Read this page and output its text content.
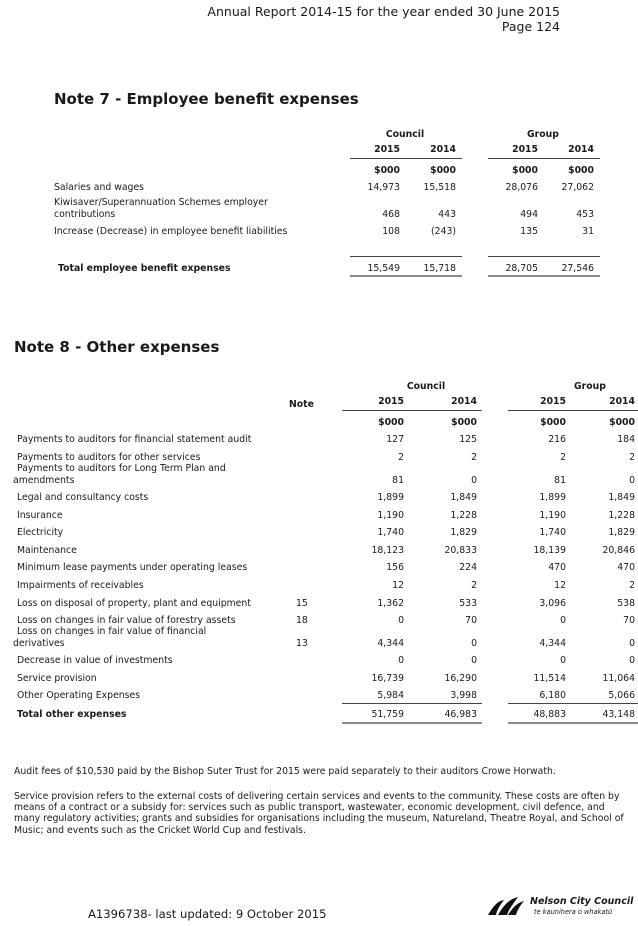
Annual Report 2014-15 for the year ended 30 June 2015
Page 124
Note 7 - Employee benefit expenses
Council	Group
2015	2014	2015	2014
$000	$000	$000	$000
Salaries and wages	14,973	15,518	28,076	27,062
Kiwisaver/Superannuation Schemes employer
contributions	468	443	494	453
Increase (Decrease) in employee benefit liabilities	108	(243)	135	31
Total employee benefit expenses	15,549	15,718	28,705	27,546
Note 8 - Other expenses
Council	Group
Note	2015	2014	2015	2014
$000	$000	$000	$000
Payments to auditors for financial statement audit	127	125	216	184
Payments to auditors for other services	2	2	2	2
Payments to auditors for Long Term Plan and
amendments	81	0	81	0
Legal and consultancy costs	1,899	1,849	1,899	1,849
Insurance	1,190	1,228	1,190	1,228
Electricity	1,740	1,829	1,740	1,829
Maintenance	18,123	20,833	18,139	20,846
Minimum lease payments under operating leases	156	224	470	470
Impairments of receivables	12	2	12	2
Loss on disposal of property, plant and equipment	15	1,362	533	3,096	538
Loss on changes in fair value of forestry assets	18	0	70	0	70
Loss on changes in fair value of financial
derivatives	13	4,344	0	4,344	0
Decrease in value of investments	0	0	0	0
Service provision	16,739	16,290	11,514	11,064
Other Operating Expenses	5,984	3,998	6,180	5,066
Total other expenses	51,759	46,983	48,883	43,148
Audit fees of $10,530 paid by the Bishop Suter Trust for 2015 were paid separately to their auditors Crowe Horwath.
Service provision refers to the external costs of delivering certain services and events to the community. These costs are often by means of a contract or a subsidy for: services such as public transport, wastewater, economic development, civil defence, and many regulatory activities; grants and subsidies for organisations including the museum, Natureland, Theatre Royal, and School of Music; and events such as the Cricket World Cup and festivals.
A1396738- last updated: 9 October 2015
Nelson City Council
te kaunihera o whakatū
